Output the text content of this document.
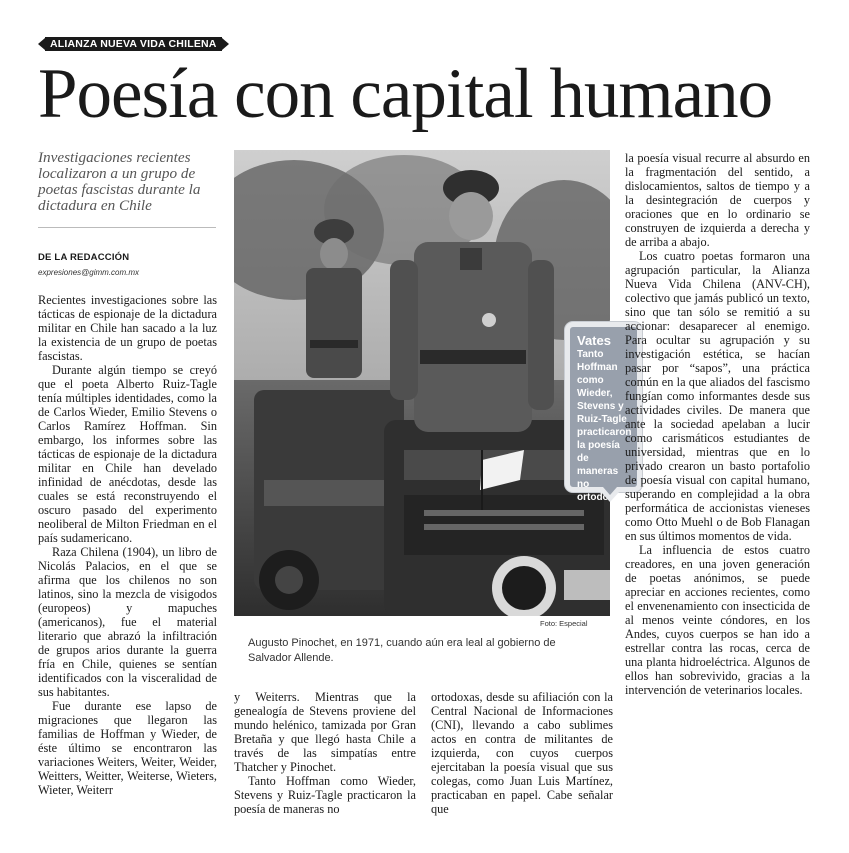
ALIANZA NUEVA VIDA CHILENA
Poesía con capital humano
Investigaciones recientes localizaron a un grupo de poetas fascistas durante la dictadura en Chile
DE LA REDACCIÓN
expresiones@gimm.com.mx

Recientes investigaciones sobre las tácticas de espionaje de la dictadura militar en Chile han sacado a la luz la existencia de un grupo de poetas fascistas.

Durante algún tiempo se creyó que el poeta Alberto Ruiz-Tagle tenía múltiples identidades, como la de Carlos Wieder, Emilio Stevens o Carlos Ramírez Hoffman. Sin embargo, los informes sobre las tácticas de espionaje de la dictadura militar en Chile han develado infinidad de anécdotas, desde las cuales se está reconstruyendo el oscuro pasado del experimento neoliberal de Milton Friedman en el país sudamericano.

Raza Chilena (1904), un libro de Nicolás Palacios, en el que se afirma que los chilenos no son latinos, sino la mezcla de visigodos (europeos) y mapuches (americanos), fue el material literario que abrazó la infiltración de grupos arios durante la guerra fría en Chile, quienes se sentían identificados con la visceralidad de sus habitantes.

Fue durante ese lapso de migraciones que llegaron las familias de Hoffman y Wieder, de éste último se encontraron las variaciones Weiters, Weiter, Weider, Weitters, Weitter, Weiterse, Wieters, Wieter, Weiterr

Vates
Tanto Hoffman como Wieder, Stevens y Ruiz-Tagle practicaron la poesía de maneras no ortodoxas.
Foto: Especial
Augusto Pinochet, en 1971, cuando aún era leal al gobierno de Salvador Allende.

y Weiterrs. Mientras que la genealogía de Stevens proviene del mundo helénico, tamizada por Gran Bretaña y que llegó hasta Chile a través de las simpatías entre Thatcher y Pinochet.

Tanto Hoffman como Wieder, Stevens y Ruiz-Tagle practicaron la poesía de maneras no

ortodoxas, desde su afiliación con la Central Nacional de Informaciones (CNI), llevando a cabo sublimes actos en contra de militantes de izquierda, con cuyos cuerpos ejercitaban la poesía visual que sus colegas, como Juan Luis Martínez, practicaban en papel. Cabe señalar que

la poesía visual recurre al absurdo en la fragmentación del sentido, a dislocamientos, saltos de tiempo y a la desintegración de cuerpos y oraciones que en lo ordinario se construyen de izquierda a derecha y de arriba a abajo.

Los cuatro poetas formaron una agrupación particular, la Alianza Nueva Vida Chilena (ANV-CH), colectivo que jamás publicó un texto, sino que tan sólo se remitió a su accionar: desaparecer al enemigo. Para ocultar su agrupación y su investigación estética, se hacían pasar por “sapos”, una práctica común en la que aliados del fascismo fungían como informantes desde sus actividades civiles. De manera que ante la sociedad apelaban a lucir como carismáticos estudiantes de universidad, mientras que en lo privado crearon un basto portafolio de poesía visual con capital humano, superando en complejidad a la obra performática de accionistas vieneses como Otto Muehl o de Bob Flanagan en sus últimos momentos de vida.

La influencia de estos cuatro creadores, en una joven generación de poetas anónimos, se puede apreciar en acciones recientes, como el envenenamiento con insecticida de al menos veinte cóndores, en los Andes, cuyos cuerpos se han ido a estrellar contra las rocas, cerca de una planta hidroeléctrica. Algunos de ellos han sobrevivido, gracias a la intervención de veterinarios locales.
